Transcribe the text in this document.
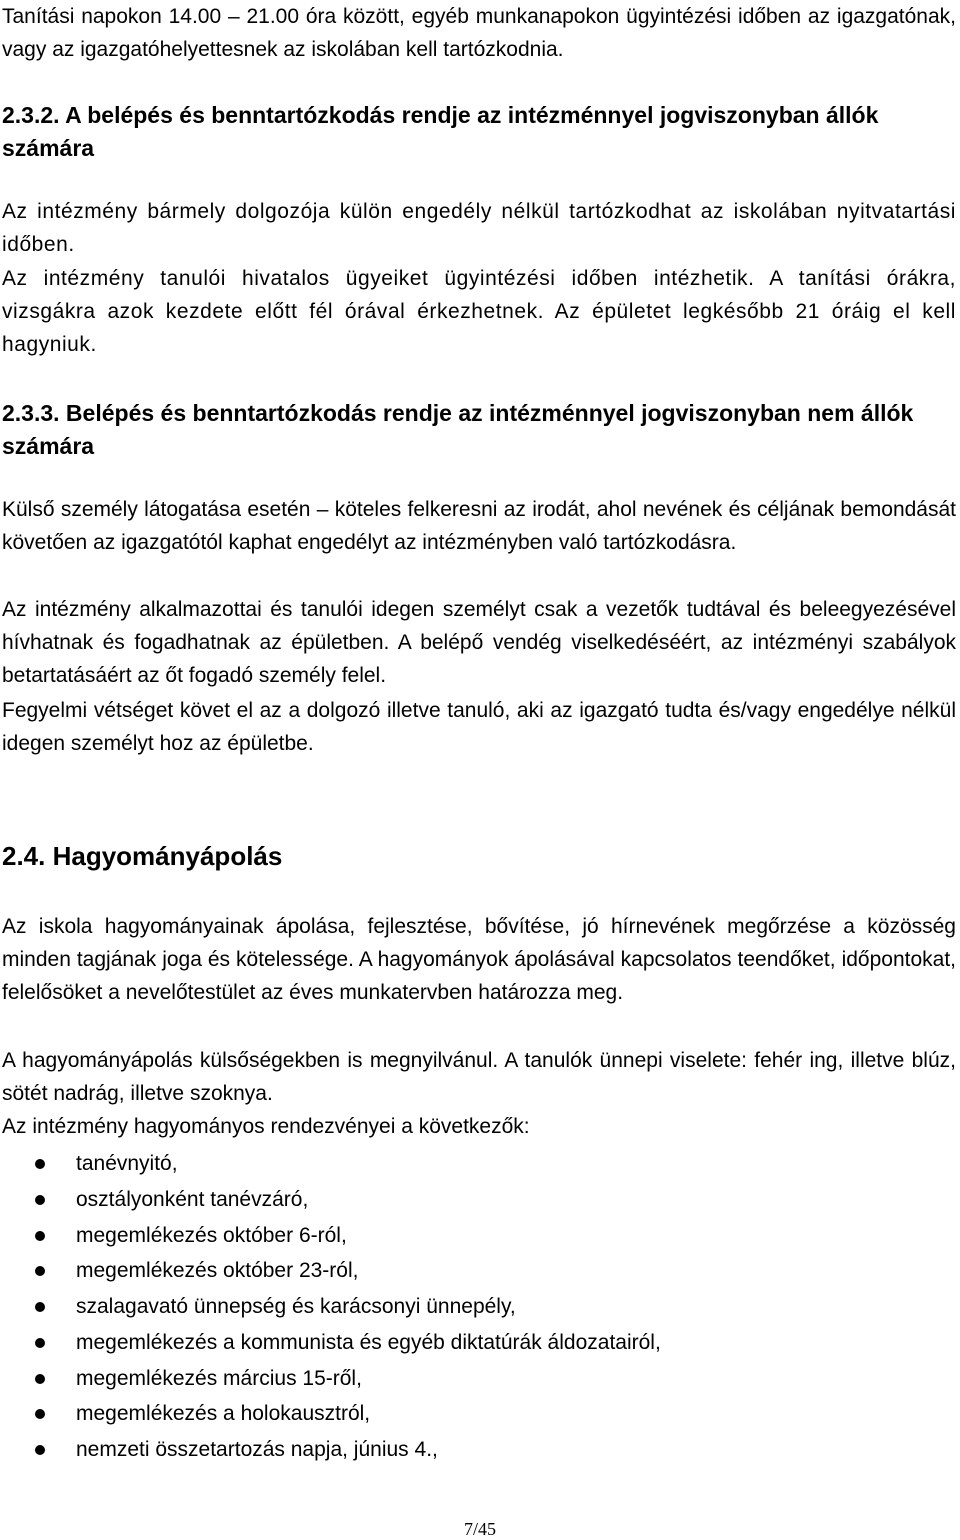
Tanítási napokon 14.00 – 21.00 óra között, egyéb munkanapokon ügyintézési időben az igazgatónak, vagy az igazgatóhelyettesnek az iskolában kell tartózkodnia.

2.3.2. A belépés és benntartózkodás rendje az intézménnyel jogviszonyban állók számára

Az intézmény bármely dolgozója külön engedély nélkül tartózkodhat az iskolában nyitvatartási időben.

Az intézmény tanulói hivatalos ügyeiket ügyintézési időben intézhetik. A tanítási órákra, vizsgákra azok kezdete előtt fél órával érkezhetnek. Az épületet legkésőbb 21 óráig el kell hagyniuk.

2.3.3. Belépés és benntartózkodás rendje az intézménnyel jogviszonyban nem állók számára

Külső személy látogatása esetén – köteles felkeresni az irodát, ahol nevének és céljának bemondását követően az igazgatótól kaphat engedélyt az intézményben való tartózkodásra.

Az intézmény alkalmazottai és tanulói idegen személyt csak a vezetők tudtával és beleegyezésével hívhatnak és fogadhatnak az épületben. A belépő vendég viselkedéséért, az intézményi szabályok betartatásáért az őt fogadó személy felel.

Fegyelmi vétséget követ el az a dolgozó illetve tanuló, aki az igazgató tudta és/vagy engedélye nélkül idegen személyt hoz az épületbe.

2.4. Hagyományápolás

Az iskola hagyományainak ápolása, fejlesztése, bővítése, jó hírnevének megőrzése a közösség minden tagjának joga és kötelessége. A hagyományok ápolásával kapcsolatos teendőket, időpontokat, felelősöket a nevelőtestület az éves munkatervben határozza meg.

A hagyományápolás külsőségekben is megnyilvánul. A tanulók ünnepi viselete: fehér ing, illetve blúz, sötét nadrág, illetve szoknya.

Az intézmény hagyományos rendezvényei a következők:

tanévnyitó,
osztályonként tanévzáró,
megemlékezés október 6-ról,
megemlékezés október 23-ról,
szalagavató ünnepség és karácsonyi ünnepély,
megemlékezés a kommunista és egyéb diktatúrák áldozatairól,
megemlékezés március 15-ről,
megemlékezés a holokausztról,
nemzeti összetartozás napja, június 4.,
7/45
